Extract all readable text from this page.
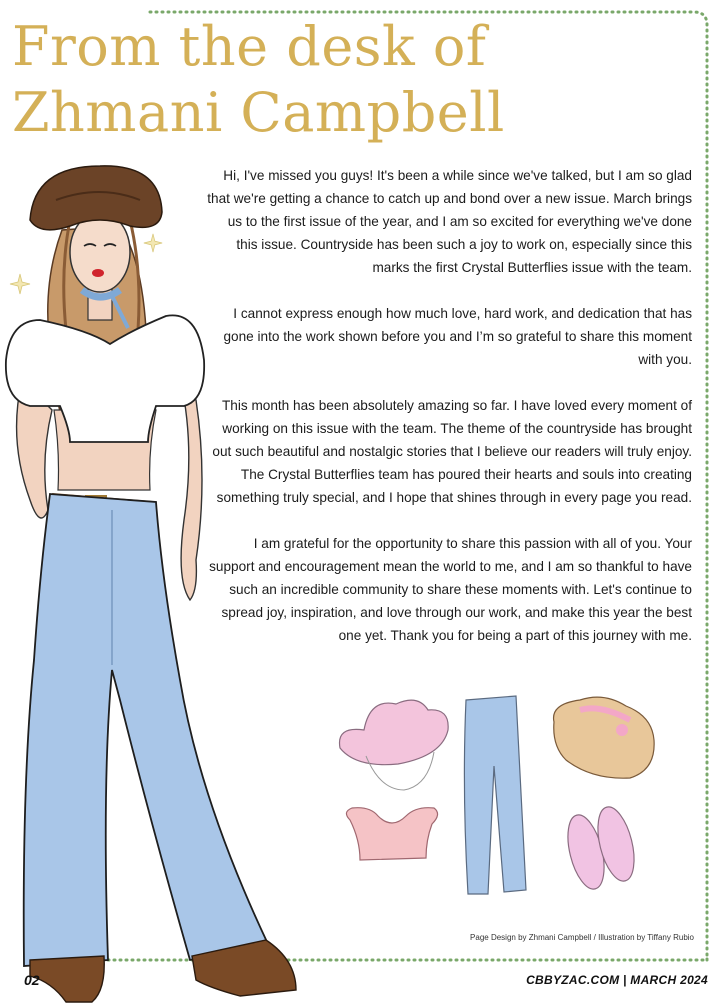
From the desk of
Zhmani Campbell

Hi, I've missed you guys! It's been a while since we've talked, but I am so glad that we're getting a chance to catch up and bond over a new issue. March brings us to the first issue of the year, and I am so excited for everything we've done this issue. Countryside has been such a joy to work on, especially since this marks the first Crystal Butterflies issue with the team.

I cannot express enough how much love, hard work, and dedication that has gone into the work shown before you and I’m so grateful to share this moment with you.

This month has been absolutely amazing so far. I have loved every moment of working on this issue with the team. The theme of the countryside has brought out such beautiful and nostalgic stories that I believe our readers will truly enjoy. The Crystal Butterflies team has poured their hearts and souls into creating something truly special, and I hope that shines through in every page you read.

I am grateful for the opportunity to share this passion with all of you. Your support and encouragement mean the world to me, and I am so thankful to have such an incredible community to share these moments with. Let's continue to spread joy, inspiration, and love through our work, and make this year the best one yet. Thank you for being a part of this journey with me.

Page Design by Zhmani Campbell / Illustration by Tiffany Rubio
02	CBBYZAC.COM | MARCH 2024
